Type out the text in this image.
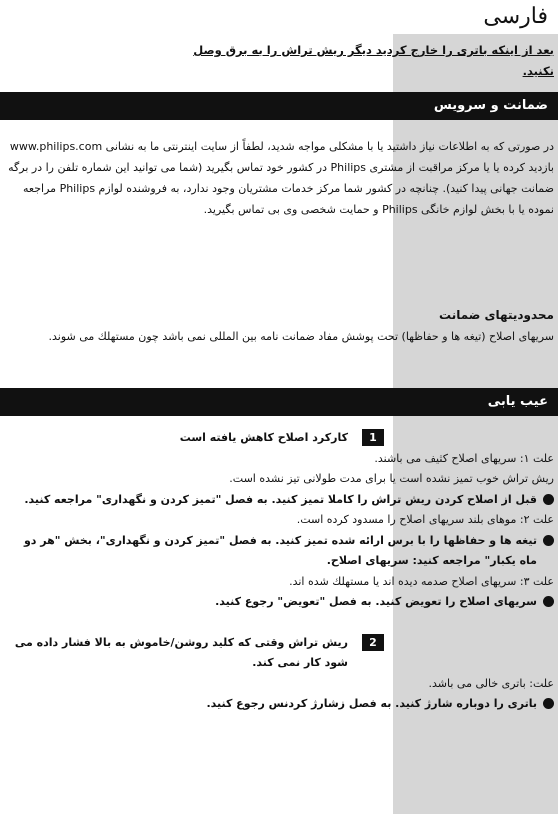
فارسی
بعد از اینکه باتری را خارج کردید دیگر ریش تراش را به برق وصل نکنید.
ضمانت و سرویس
در صورتی که به اطلاعات نیاز داشتید یا با مشکلی مواجه شدید، لطفاً از سایت اینترنتی ما به نشانی www.philips.com بازدید کرده یا یا مرکز مراقبت از مشتری Philips در کشور خود تماس بگیرید (شما می توانید این شماره تلفن را در برگه ضمانت جهانی پیدا کنید). چنانچه در کشور شما مرکز خدمات مشتریان وجود ندارد، به فروشنده لوازم Philips مراجعه نموده یا با بخش لوازم خانگی Philips و حمایت شخصی وی بی تماس بگیرید.
محدودیتهای ضمانت
سریهای اصلاح (تیغه ها و حفاظها) تحت پوشش مفاد ضمانت نامه بین المللی نمی باشد چون مستهلك می شوند.
عیب یابی
1
کارکرد اصلاح کاهش یافته است
علت ۱: سریهای اصلاح كثیف می باشند.
ریش تراش خوب تمیز نشده است یا برای مدت طولانی تیز نشده است.
قبل از اصلاح کردن ریش تراش را کاملا تمیز کنید. به فصل "تمیز کردن و نگهداری" مراجعه کنید.
علت ۲: موهای بلند سریهای اصلاح را مسدود کرده است.
تیغه ها و حفاظها را با برس ارائه شده تمیز کنید. به فصل "تمیز کردن و نگهداری"، بخش "هر دو ماه یکبار" مراجعه کنید: سریهای اصلاح.
علت ۳: سریهای اصلاح صدمه دیده اند یا مستهلك شده اند.
سریهای اصلاح را تعویض کنید. به فصل "تعویض" رجوع کنید.
2
ریش تراش وقتی که کلید روشن/خاموش به بالا فشار داده می شود کار نمی کند.
علت: باتری خالی می باشد.
باتری را دوباره شارژ کنید. به فصل زشارژ کردنس رجوع کنید.
